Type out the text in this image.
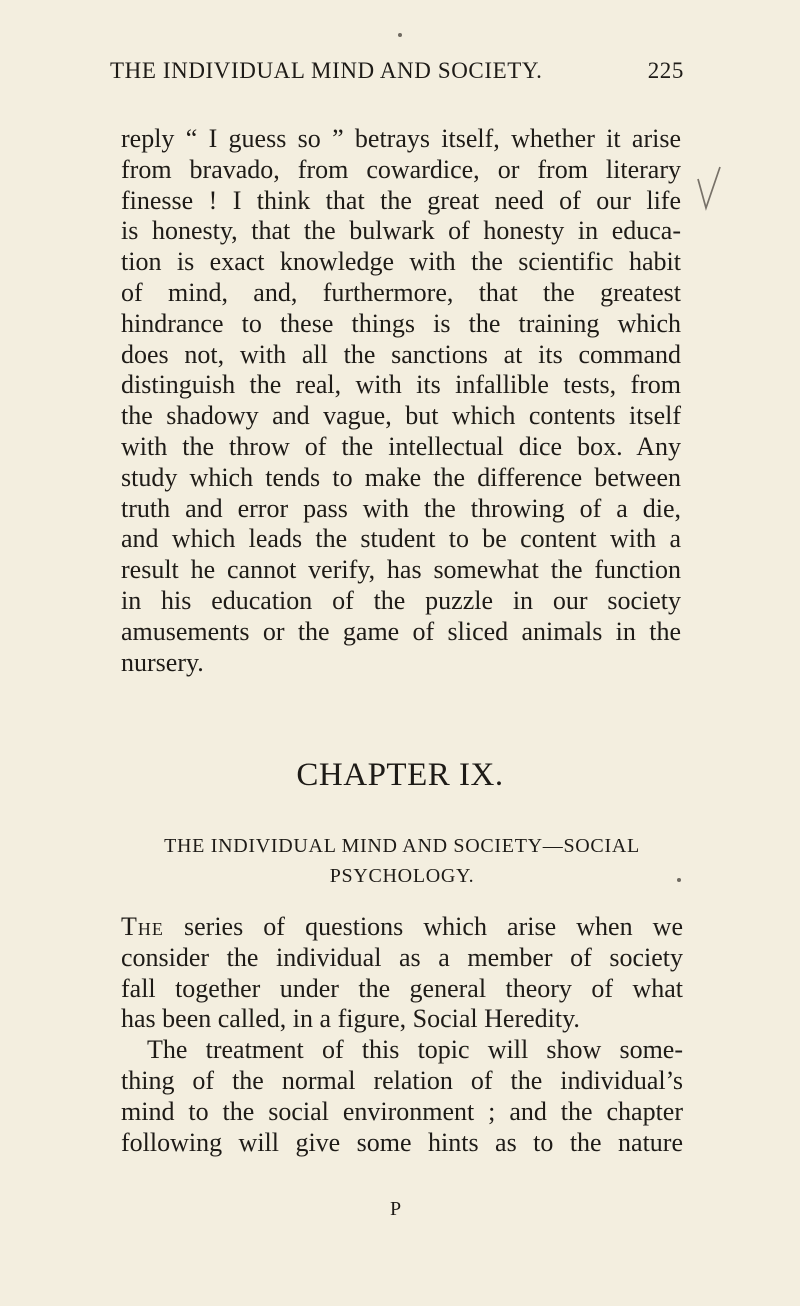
THE INDIVIDUAL MIND AND SOCIETY.	225
reply “ I guess so ” betrays itself, whether it arise
from bravado, from cowardice, or from literary
finesse ! I think that the great need of our life
is honesty, that the bulwark of honesty in educa-
tion is exact knowledge with the scientific habit
of mind, and, furthermore, that the greatest
hindrance to these things is the training which
does not, with all the sanctions at its command
distinguish the real, with its infallible tests, from
the shadowy and vague, but which contents itself
with the throw of the intellectual dice box. Any
study which tends to make the difference between
truth and error pass with the throwing of a die,
and which leads the student to be content with a
result he cannot verify, has somewhat the function
in his education of the puzzle in our society
amusements or the game of sliced animals in the
nursery.
CHAPTER IX.
THE INDIVIDUAL MIND AND SOCIETY—SOCIAL
PSYCHOLOGY.
The series of questions which arise when we
consider the individual as a member of society
fall together under the general theory of what
has been called, in a figure, Social Heredity.
The treatment of this topic will show some-
thing of the normal relation of the individual’s
mind to the social environment ; and the chapter
following will give some hints as to the nature
P
